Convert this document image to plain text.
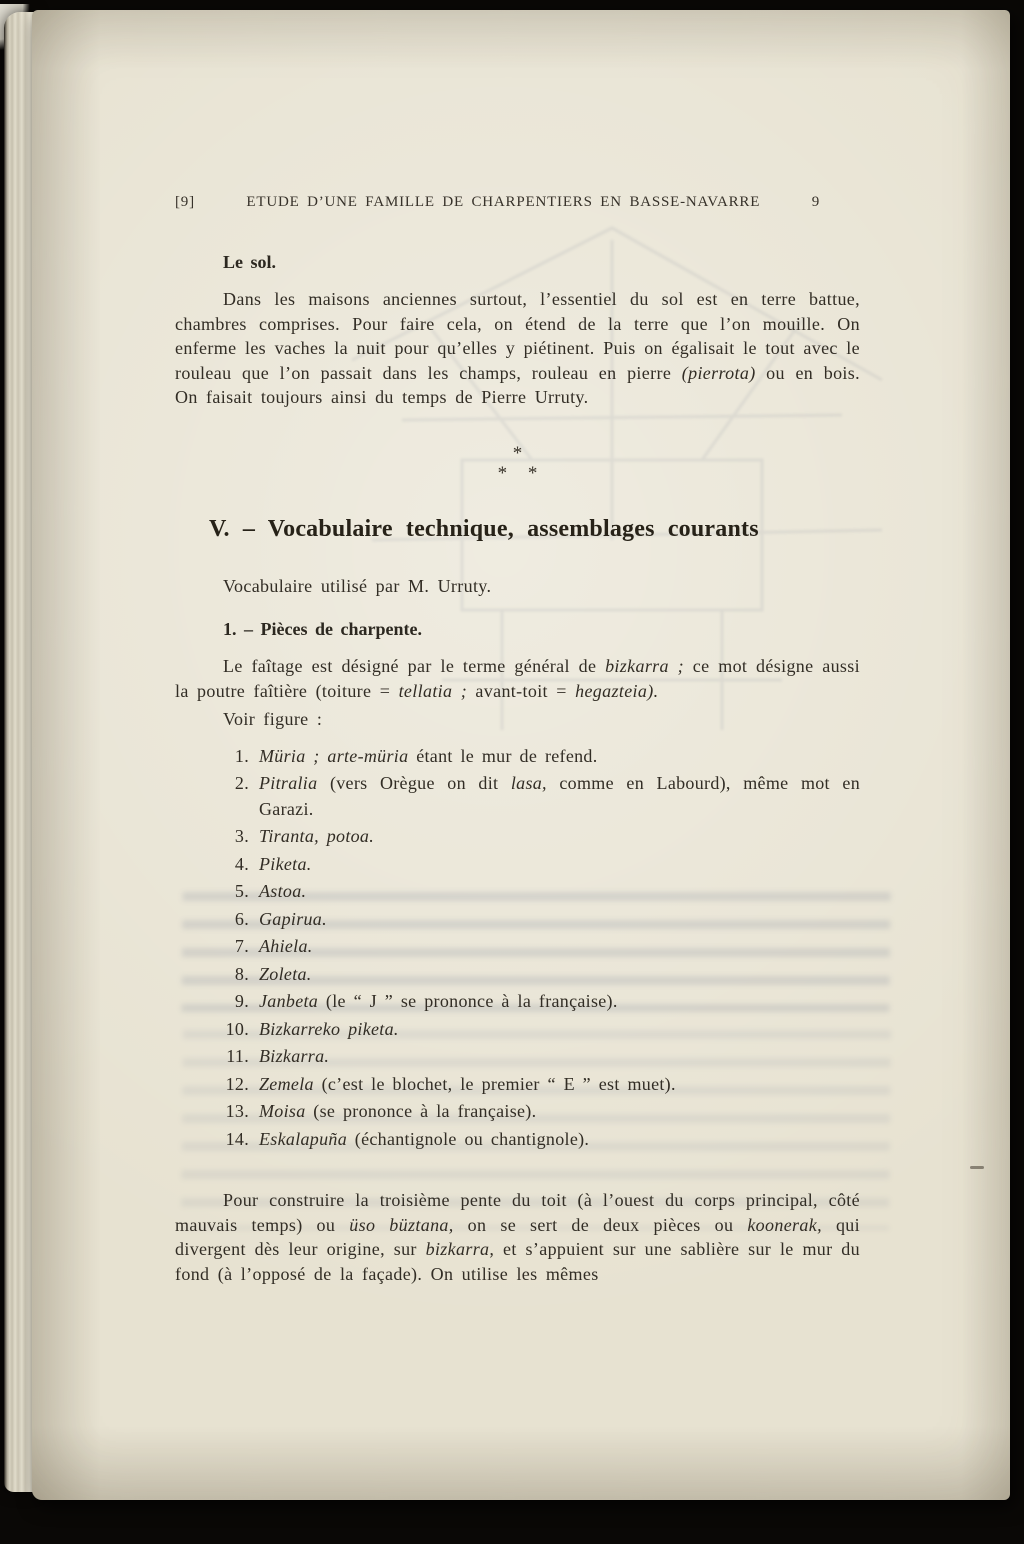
[9]	ETUDE D’UNE FAMILLE DE CHARPENTIERS EN BASSE-NAVARRE	9
Le sol.

Dans les maisons anciennes surtout, l’essentiel du sol est en terre battue, chambres comprises. Pour faire cela, on étend de la terre que l’on mouille. On enferme les vaches la nuit pour qu’elles y piétinent. Puis on égalisait le tout avec le rouleau que l’on passait dans les champs, rouleau en pierre (pierrota) ou en bois. On faisait toujours ainsi du temps de Pierre Urruty.

*
* *
V. – Vocabulaire technique, assemblages courants

Vocabulaire utilisé par M. Urruty.

1. – Pièces de charpente.

Le faîtage est désigné par le terme général de bizkarra ; ce mot désigne aussi la poutre faîtière (toiture = tellatia ; avant-toit = hegazteia).

Voir figure :

1. Müria ; arte-müria étant le mur de refend.
2. Pitralia (vers Orègue on dit lasa, comme en Labourd), même mot en Garazi.
3. Tiranta, potoa.
4. Piketa.
5. Astoa.
6. Gapirua.
7. Ahiela.
8. Zoleta.
9. Janbeta (le “ J ” se prononce à la française).
10. Bizkarreko piketa.
11. Bizkarra.
12. Zemela (c’est le blochet, le premier “ E ” est muet).
13. Moisa (se prononce à la française).
14. Eskalapuña (échantignole ou chantignole).

Pour construire la troisième pente du toit (à l’ouest du corps principal, côté mauvais temps) ou üso büztana, on se sert de deux pièces ou koonerak, qui divergent dès leur origine, sur bizkarra, et s’appuient sur une sablière sur le mur du fond (à l’opposé de la façade). On utilise les mêmes
